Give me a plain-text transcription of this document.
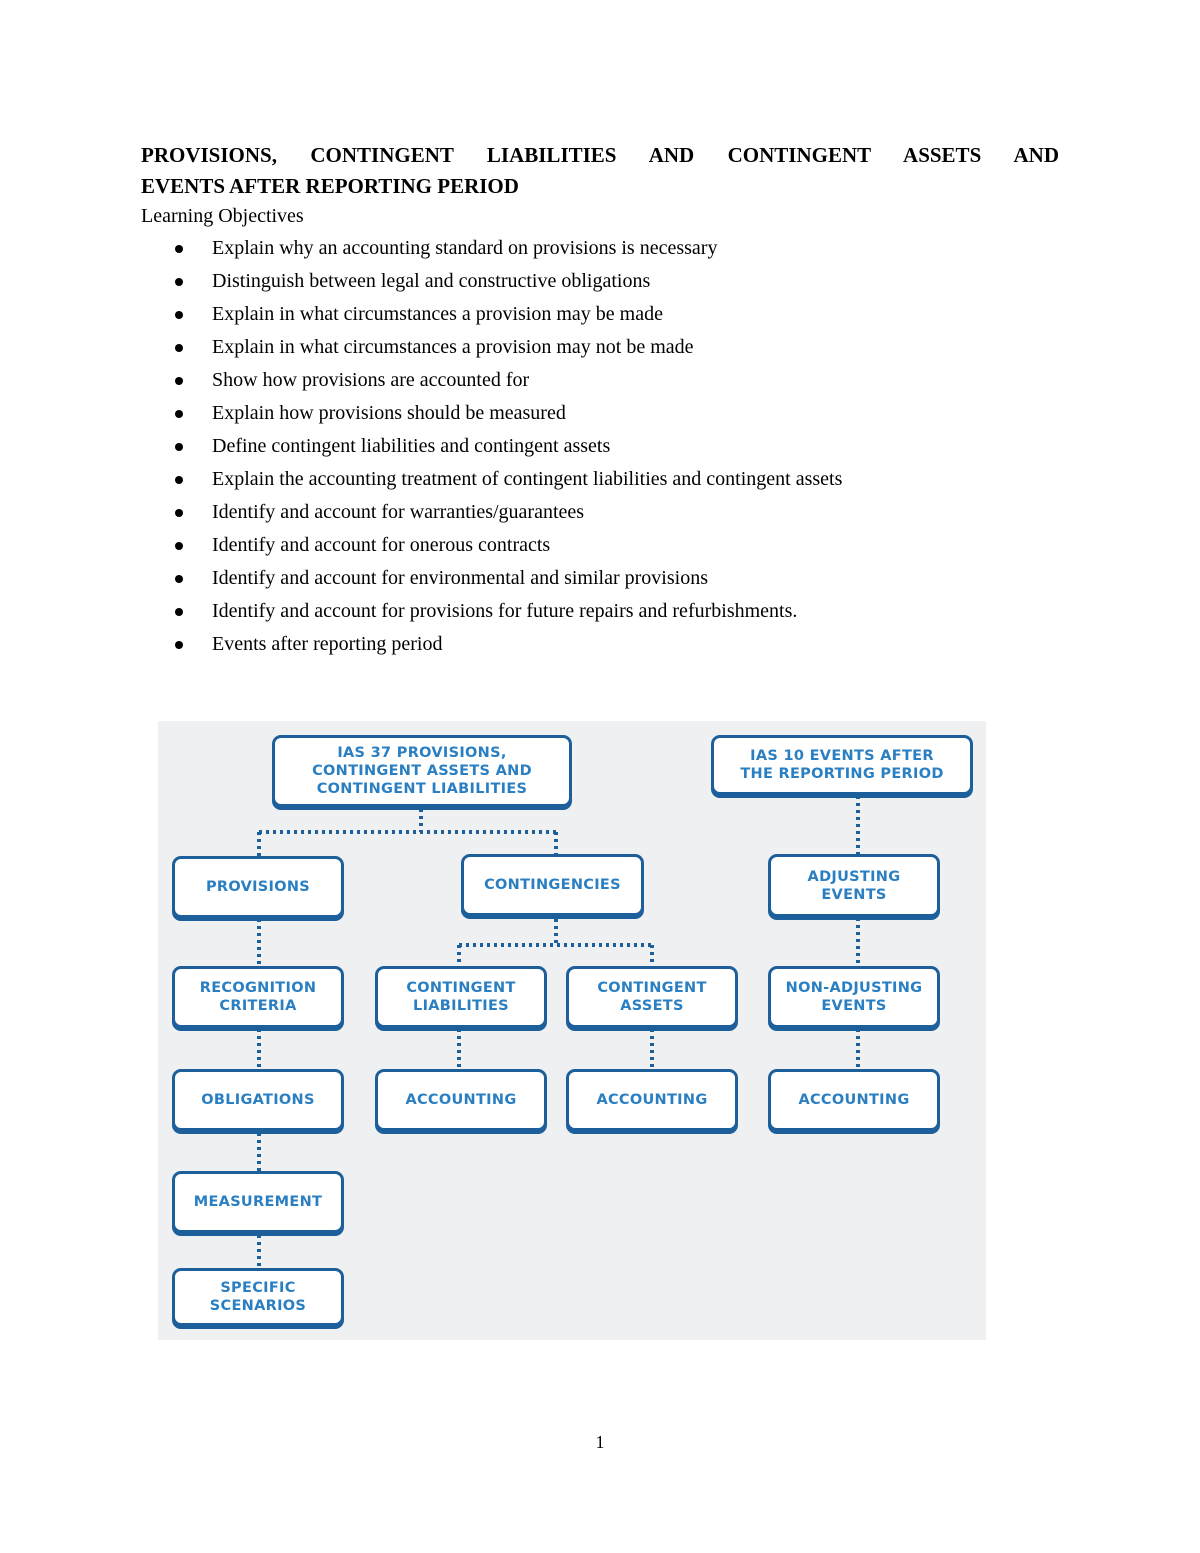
PROVISIONS, CONTINGENT LIABILITIES AND CONTINGENT ASSETS AND
EVENTS AFTER REPORTING PERIOD

Learning Objectives

Explain why an accounting standard on provisions is necessary
Distinguish between legal and constructive obligations
Explain in what circumstances a provision may be made
Explain in what circumstances a provision may not be made
Show how provisions are accounted for
Explain how provisions should be measured
Define contingent liabilities and contingent assets
Explain the accounting treatment of contingent liabilities and contingent assets
Identify and account for warranties/guarantees
Identify and account for onerous contracts
Identify and account for environmental and similar provisions
Identify and account for provisions for future repairs and refurbishments.
Events after reporting period
IAS 37 PROVISIONS,
CONTINGENT ASSETS AND
CONTINGENT LIABILITIES
IAS 10 EVENTS AFTER
THE REPORTING PERIOD
PROVISIONS	CONTINGENCIES
ADJUSTING
EVENTS
RECOGNITION
CRITERIA
CONTINGENT
LIABILITIES
CONTINGENT
ASSETS
NON-ADJUSTING
EVENTS
OBLIGATIONS	ACCOUNTING	ACCOUNTING	ACCOUNTING
MEASUREMENT
SPECIFIC
SCENARIOS

1
